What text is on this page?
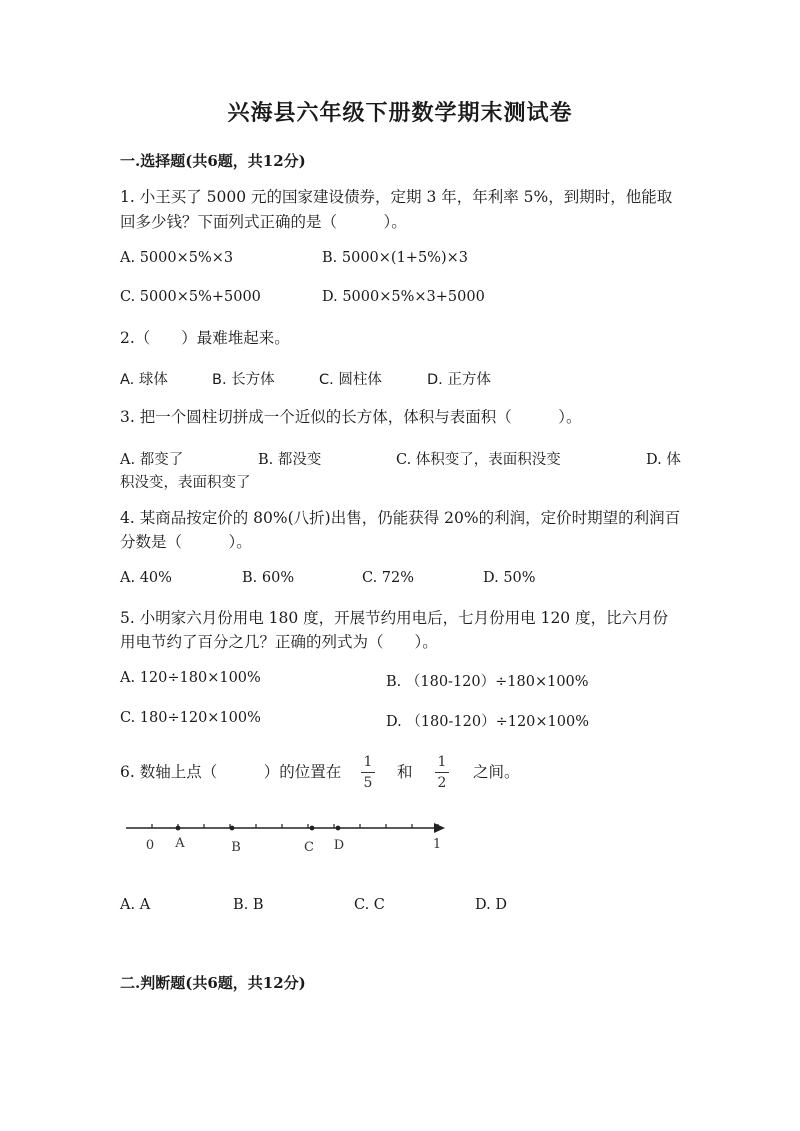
兴海县六年级下册数学期末测试卷
一.选择题(共6题，共12分)
1. 小王买了 5000 元的国家建设债券，定期 3 年，年利率 5%，到期时，他能取
回多少钱？下面列式正确的是（　　　）。
A. 5000×5%×3	B. 5000×(1+5%)×3
C. 5000×5%+5000	D. 5000×5%×3+5000
2.（　　）最难堆起来。
A. 球体	B. 长方体	C. 圆柱体	D. 正方体
3. 把一个圆柱切拼成一个近似的长方体，体积与表面积（　　　）。
A. 都变了	B. 都没变	C. 体积变了，表面积没变	D. 体
积没变，表面积变了
4. 某商品按定价的 80%(八折)出售，仍能获得 20%的利润，定价时期望的利润百
分数是（　　　）。
A. 40%	B. 60%	C. 72%	D. 50%
5. 小明家六月份用电 180 度，开展节约用电后，七月份用电 120 度，比六月份
用电节约了百分之几？正确的列式为（　　）。
A. 120÷180×100%	B. （180-120）÷180×100%
C. 180÷120×100%	D. （180-120）÷120×100%
6. 数轴上点（　　　）的位置在
1
5
和
1
2
之间。
0 A	B	C D	1
A. A	B. B	C. C	D. D
二.判断题(共6题，共12分)
